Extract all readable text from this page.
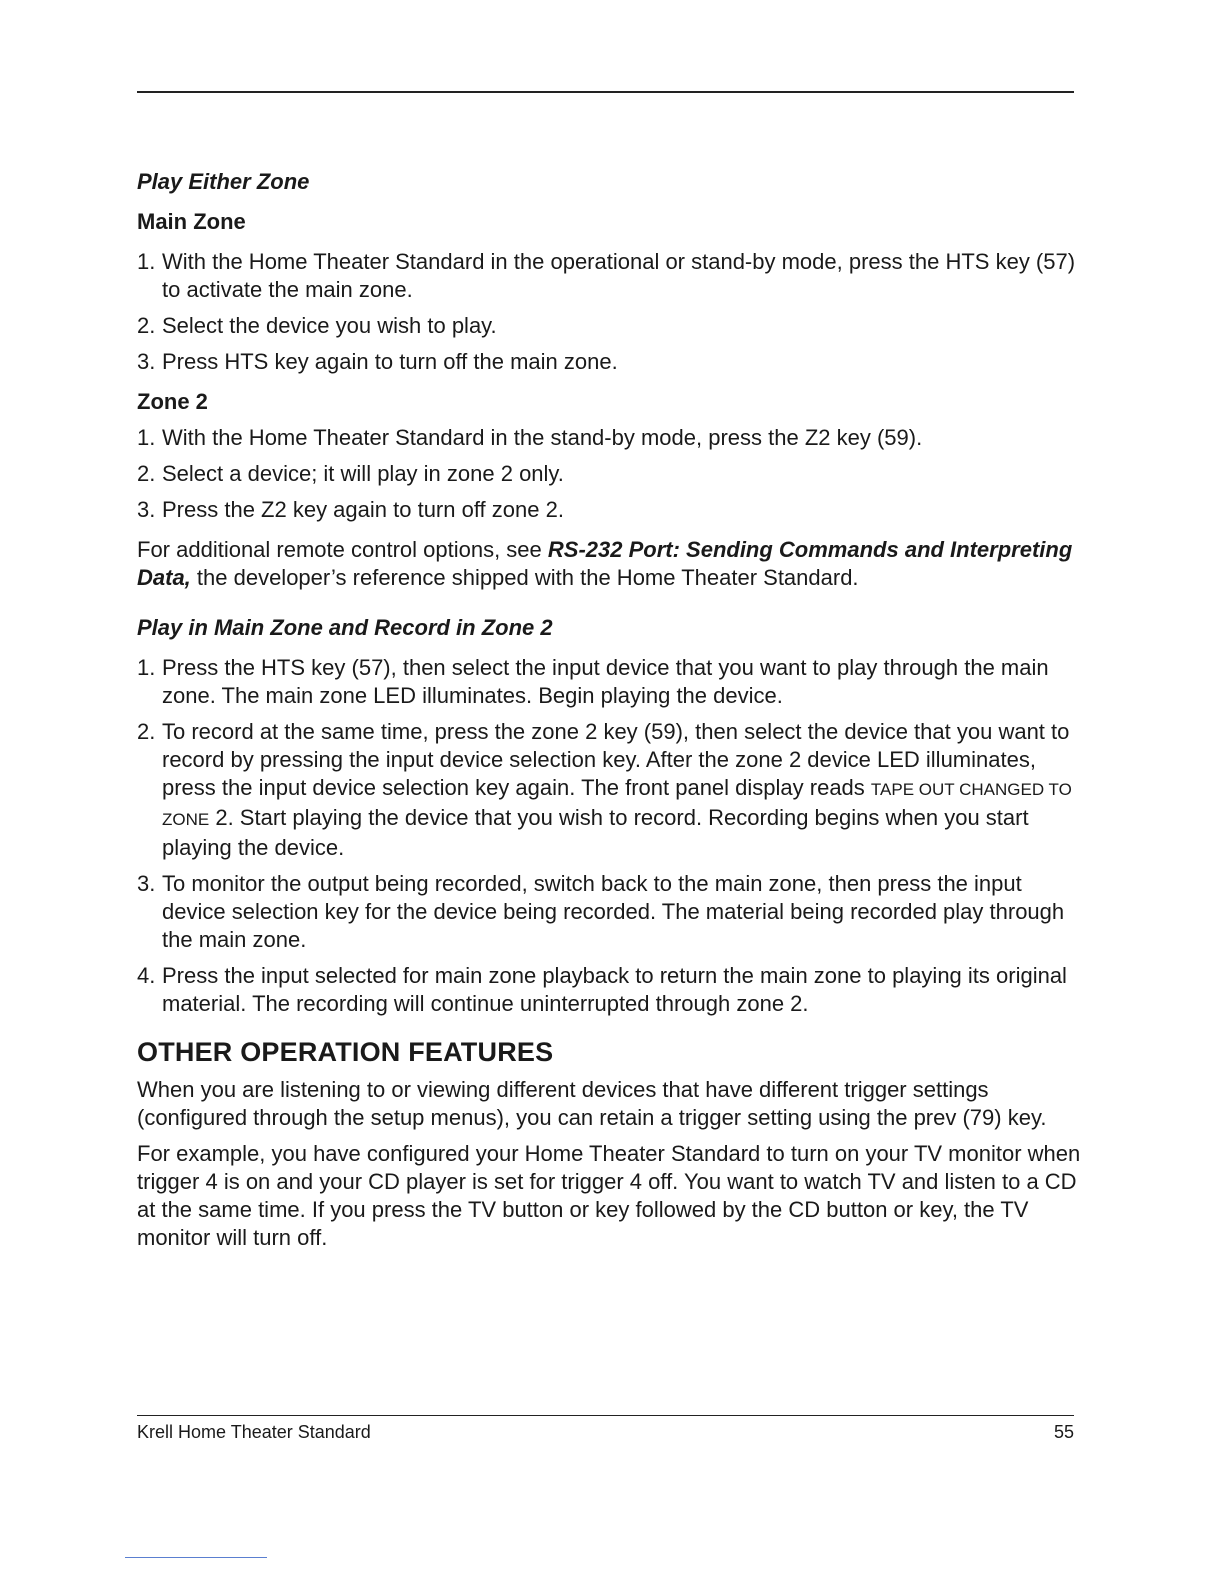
Play Either Zone
Main Zone
1. With the Home Theater Standard in the operational or stand-by mode, press the HTS key (57) to activate the main zone.
2. Select the device you wish to play.
3. Press HTS key again to turn off the main zone.
Zone 2
1. With the Home Theater Standard in the stand-by mode, press the Z2 key (59).
2. Select a device; it will play in zone 2 only.
3. Press the Z2 key again to turn off zone 2.

For additional remote control options, see RS-232 Port: Sending Commands and Interpreting Data, the developer’s reference shipped with the Home Theater Standard.

Play in Main Zone and Record in Zone 2
1. Press the HTS key (57), then select the input device that you want to play through the main zone. The main zone LED illuminates. Begin playing the device.
2. To record at the same time, press the zone 2 key (59), then select the device that you want to record by pressing the input device selection key. After the zone 2 device LED illuminates, press the input device selection key again. The front panel display reads TAPE OUT CHANGED TO ZONE 2. Start playing the device that you wish to record. Recording begins when you start playing the device.
3. To monitor the output being recorded, switch back to the main zone, then press the input device selection key for the device being recorded. The material being recorded play through the main zone.
4. Press the input selected for main zone playback to return the main zone to playing its original material. The recording will continue uninterrupted through zone 2.
OTHER OPERATION FEATURES

When you are listening to or viewing different devices that have different trigger settings (configured through the setup menus), you can retain a trigger setting using the prev (79) key.

For example, you have configured your Home Theater Standard to turn on your TV monitor when trigger 4 is on and your CD player is set for trigger 4 off. You want to watch TV and listen to a CD at the same time. If you press the TV button or key followed by the CD button or key, the TV monitor will turn off.

Krell Home Theater Standard	55
